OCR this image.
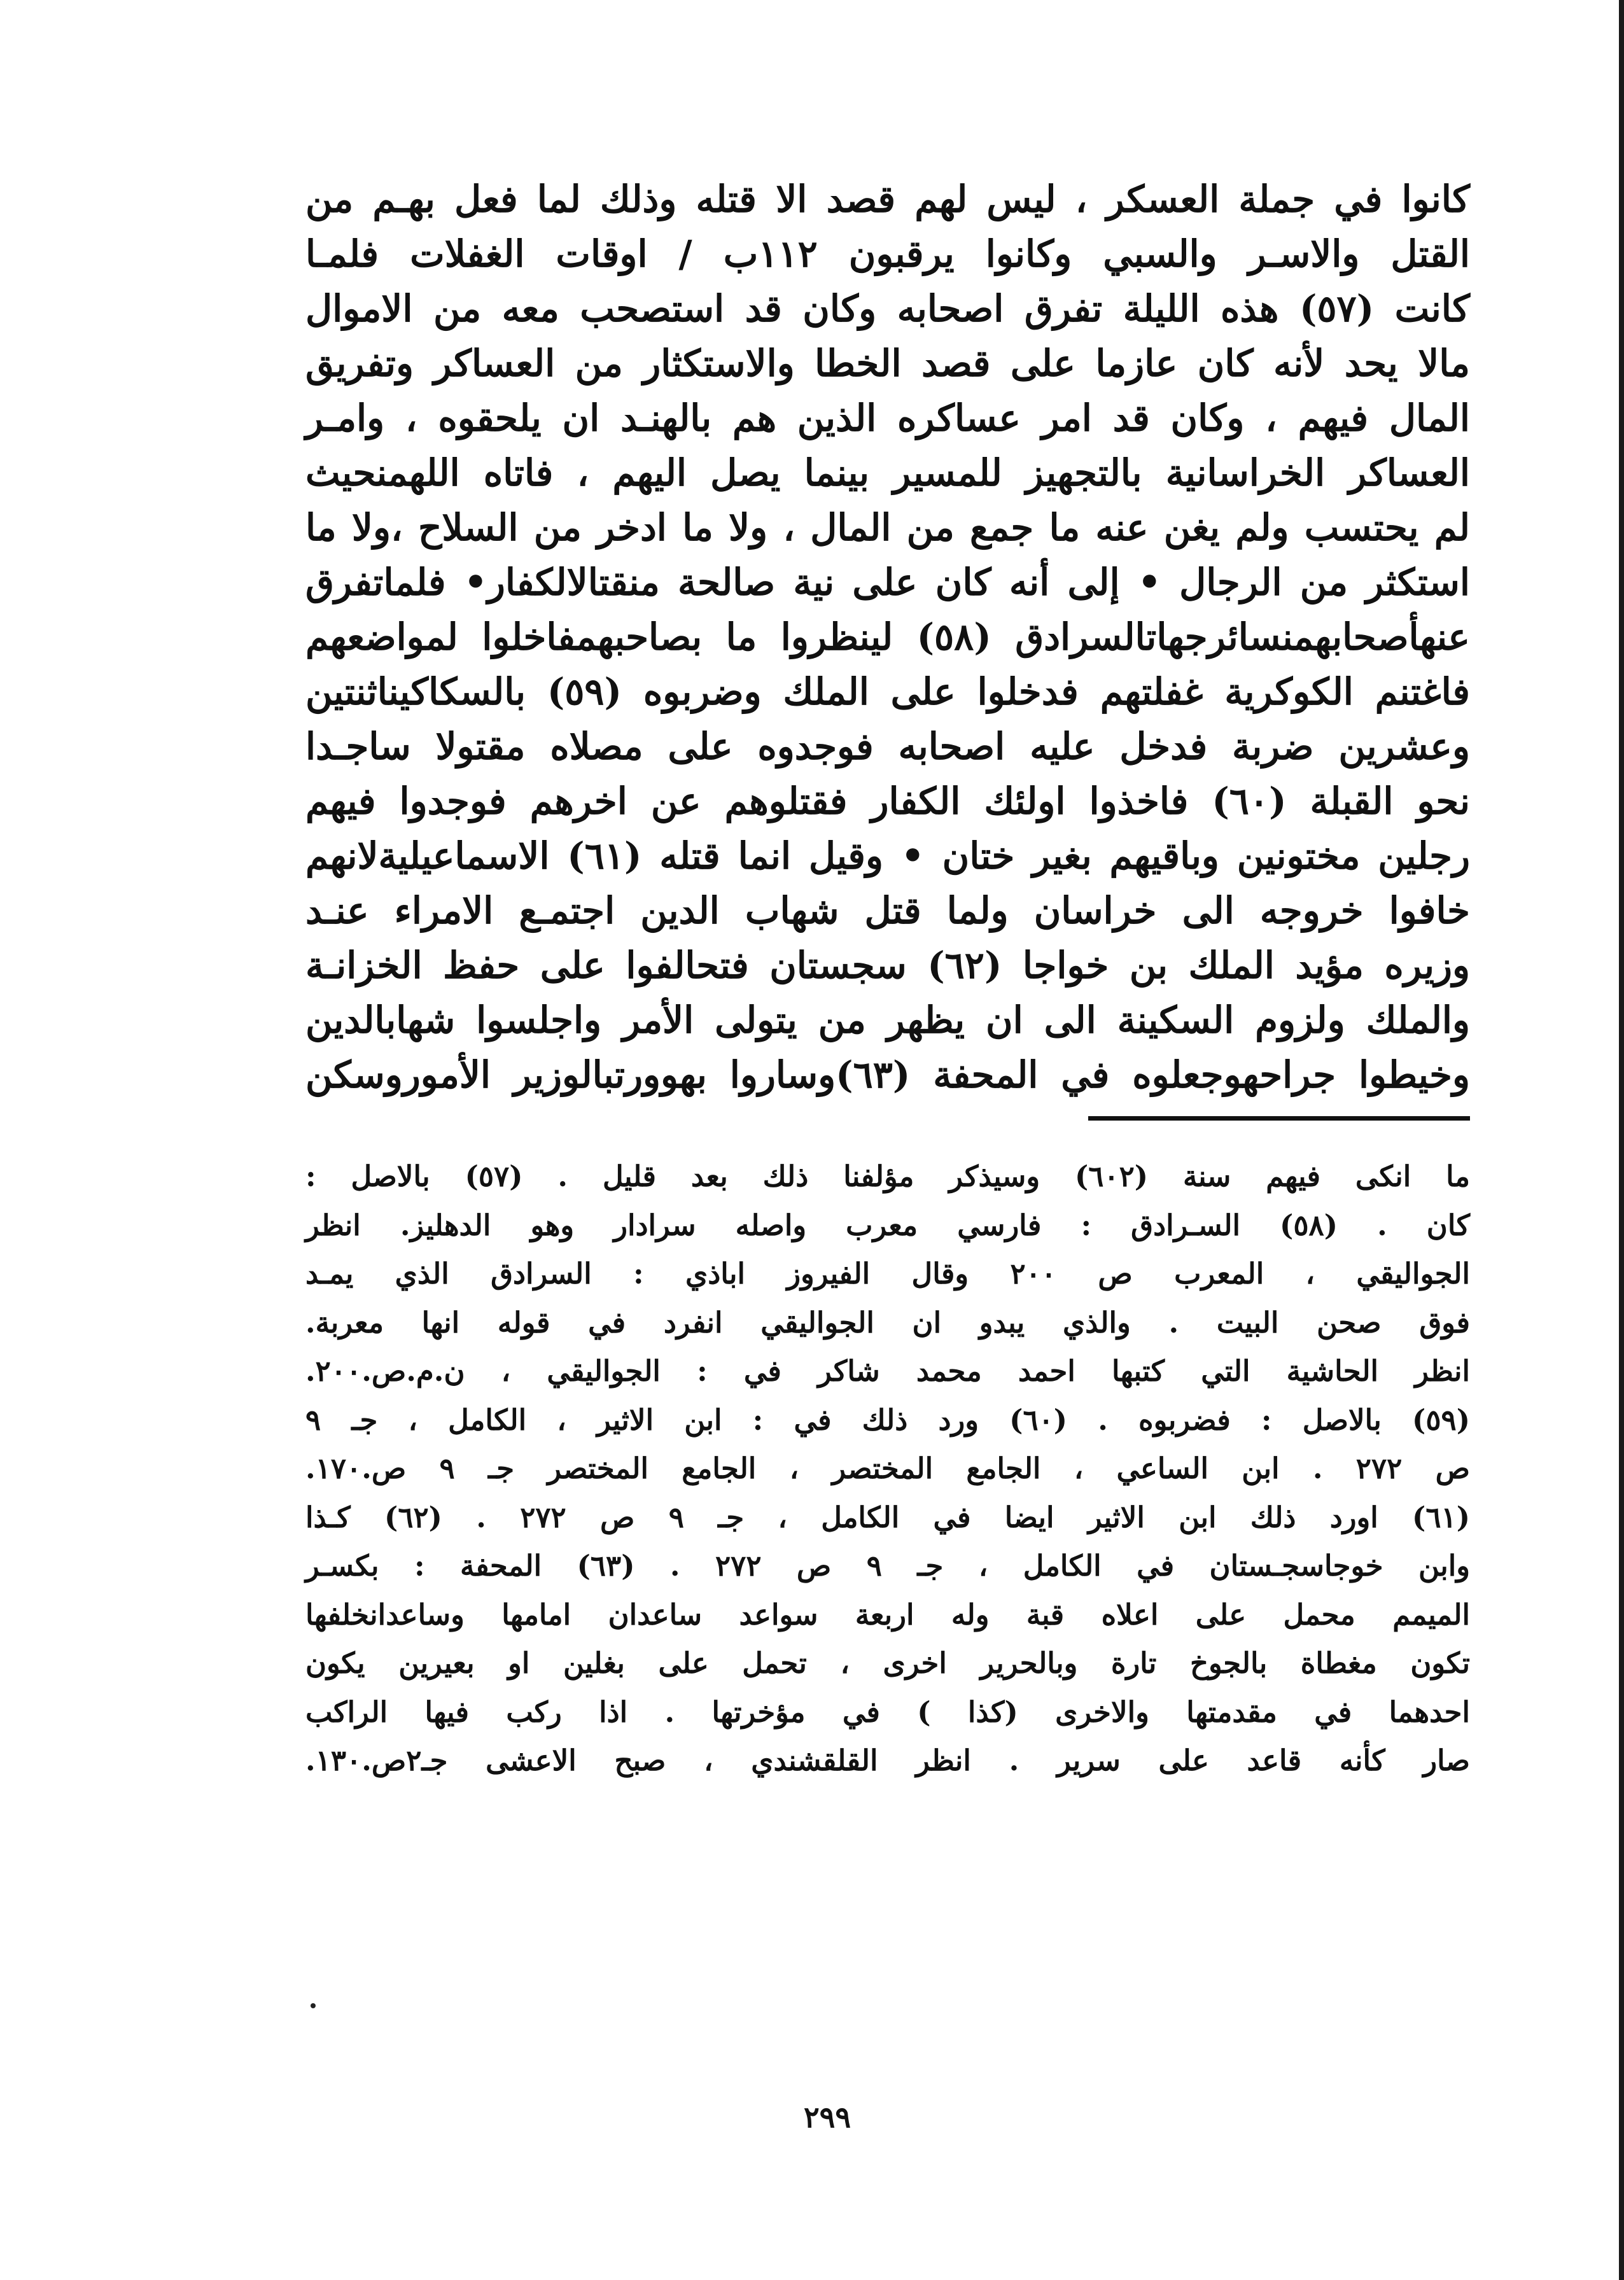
كانوا في جملة العسكر ، ليس لهم قصد الا قتله وذلك لما فعل بهـم من
القتل والاسـر والسبي وكانوا يرقبون ١١٢ب / اوقات الغفلات فلمـا
كانت (٥٧) هذه الليلة تفرق اصحابه وكان قد استصحب معه من الاموال
مالا يحد لأنه كان عازما على قصد الخطا والاستكثار من العساكر وتفريق
المال فيهم ، وكان قد امر عساكره الذين هم بالهنـد ان يلحقوه ، وامـر
العساكر الخراسانية بالتجهيز للمسير بينما يصل اليهم ، فاتاه اللهمنحيث
لم يحتسب ولم يغن عنه ما جمع من المال ، ولا ما ادخر من السلاح ،ولا ما
استكثر من الرجال • إلى أنه كان على نية صالحة منقتالالكفار• فلماتفرق
عنهأصحابهمنسائرجهاتالسرادق (٥٨) لينظروا ما بصاحبهمفاخلوا لمواضعهم
فاغتنم الكوكرية غفلتهم فدخلوا على الملك وضربوه (٥٩) بالسكاكيناثنتين
وعشرين ضربة فدخل عليه اصحابه فوجدوه على مصلاه مقتولا ساجـدا
نحو القبلة (٦٠) فاخذوا اولئك الكفار فقتلوهم عن اخرهم فوجدوا فيهم
رجلين مختونين وباقيهم بغير ختان • وقيل انما قتله (٦١) الاسماعيليةلانهم
خافوا خروجه الى خراسان ولما قتل شهاب الدين اجتمـع الامراء عنـد
وزيره مؤيد الملك بن خواجا (٦٢) سجستان فتحالفوا على حفظ الخزانـة
والملك ولزوم السكينة الى ان يظهر من يتولى الأمر واجلسوا شهابالدين
وخيطوا جراحهوجعلوه في المحفة (٦٣)وساروا بهوورتبالوزير الأموروسكن
ما انكى فيهم سنة (٦٠٢) وسيذكر مؤلفنا ذلك بعد قليل . (٥٧) بالاصل :
كان . (٥٨) السـرادق : فارسي معرب واصله سرادار وهو الدهليز. انظر
الجواليقي ، المعرب ص ٢٠٠ وقال الفيروز اباذي : السرادق الذي يمـد
فوق صحن البيت . والذي يبدو ان الجواليقي انفرد في قوله انها معربة.
انظر الحاشية التي كتبها احمد محمد شاكر في : الجواليقي ، ن.م.ص.٢٠٠.
(٥٩) بالاصل : فضربوه . (٦٠) ورد ذلك في : ابن الاثير ، الكامل ، جـ ٩
ص ٢٧٢ . ابن الساعي ، الجامع المختصر ، الجامع المختصر جـ ٩ ص.١٧٠.
(٦١) اورد ذلك ابن الاثير ايضا في الكامل ، جـ ٩ ص ٢٧٢ . (٦٢) كـذا
وابن خوجاسجـستان في الكامل ، جـ ٩ ص ٢٧٢ . (٦٣) المحفة : بكسـر
الميمم محمل على اعلاه قبة وله اربعة سواعد ساعدان امامها وساعدانخلفها
تكون مغطاة بالجوخ تارة وبالحرير اخرى ، تحمل على بغلين او بعيرين يكون
احدهما في مقدمتها والاخرى (كذا ) في مؤخرتها . اذا ركب فيها الراكب
صار كأنه قاعد على سرير . انظر القلقشندي ، صبح الاعشى جـ٢ص.١٣٠.
٢٩٩
